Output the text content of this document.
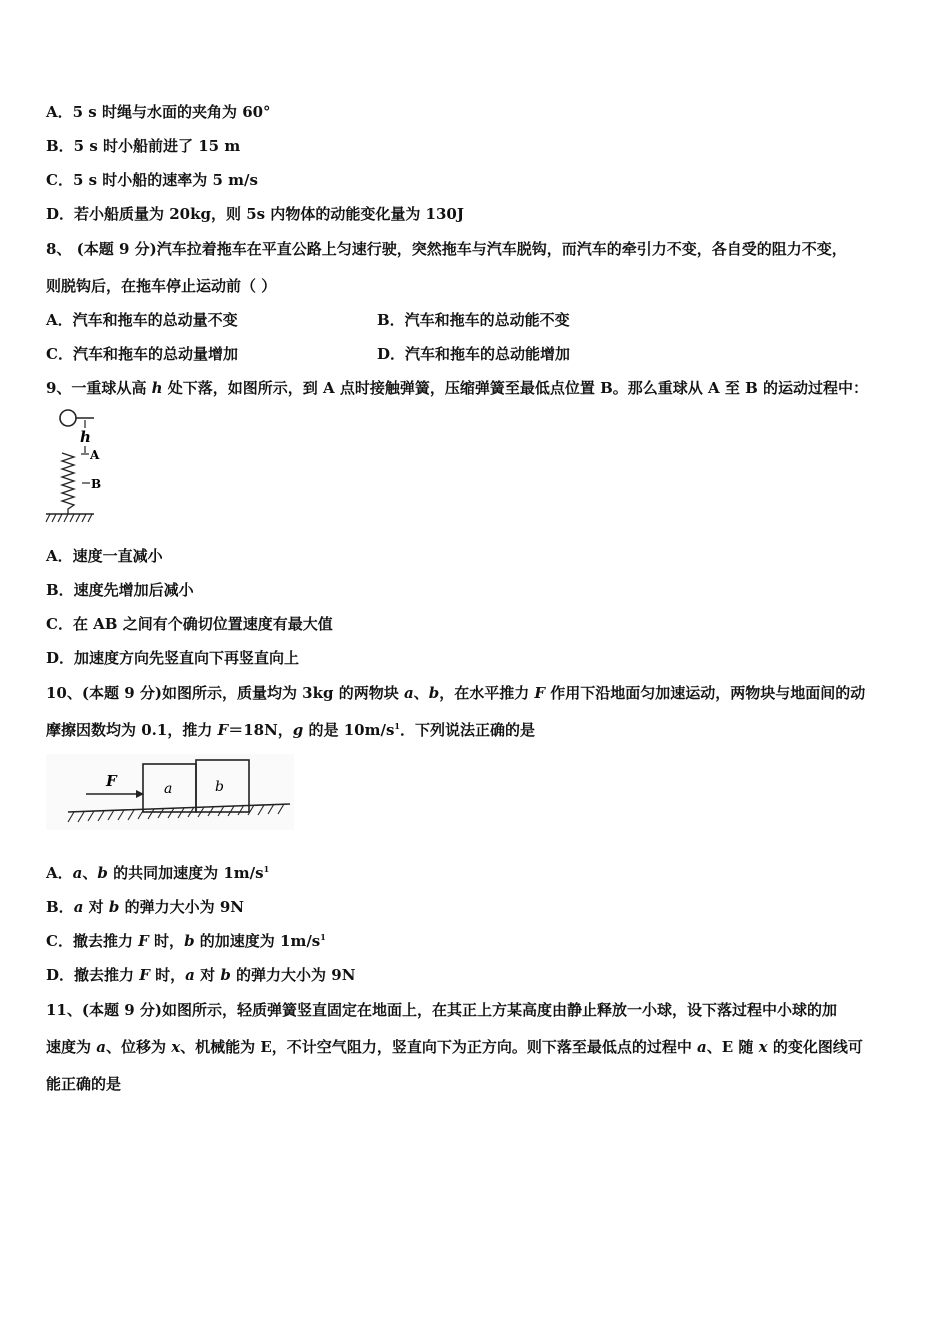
A．5 s 时绳与水面的夹角为 60°
B．5 s 时小船前进了 15 m
C．5 s 时小船的速率为 5 m/s
D．若小船质量为 20kg，则 5s 内物体的动能变化量为 130J
8、 (本题 9 分)汽车拉着拖车在平直公路上匀速行驶，突然拖车与汽车脱钩，而汽车的牵引力不变，各自受的阻力不变，
则脱钩后，在拖车停止运动前（ ）
A．汽车和拖车的总动量不变	B．汽车和拖车的总动能不变
C．汽车和拖车的总动量增加	D．汽车和拖车的总动能增加
9、一重球从高 h 处下落，如图所示，到 A 点时接触弹簧，压缩弹簧至最低点位置 B。那么重球从 A 至 B 的运动过程中：
h
A
B
A．速度一直减小
B．速度先增加后减小
C．在 AB 之间有个确切位置速度有最大值
D．加速度方向先竖直向下再竖直向上
10、(本题 9 分)如图所示，质量均为 3kg 的两物块 a、b，在水平推力 F 作用下沿地面匀加速运动，两物块与地面间的动
摩擦因数均为 0.1，推力 F＝18N，g 的是 $10m/s^1$．下列说法正确的是
F	a	b
A．a、b 的共同加速度为 $1m/s^1$
B．a 对 b 的弹力大小为 9N
C．撤去推力 F 时，b 的加速度为 $1m/s^1$
D．撤去推力 F 时，a 对 b 的弹力大小为 9N
11、(本题 9 分)如图所示，轻质弹簧竖直固定在地面上，在其正上方某高度由静止释放一小球，设下落过程中小球的加
速度为 a、位移为 x、机械能为 E，不计空气阻力，竖直向下为正方向。则下落至最低点的过程中 a、E 随 x 的变化图线可
能正确的是
